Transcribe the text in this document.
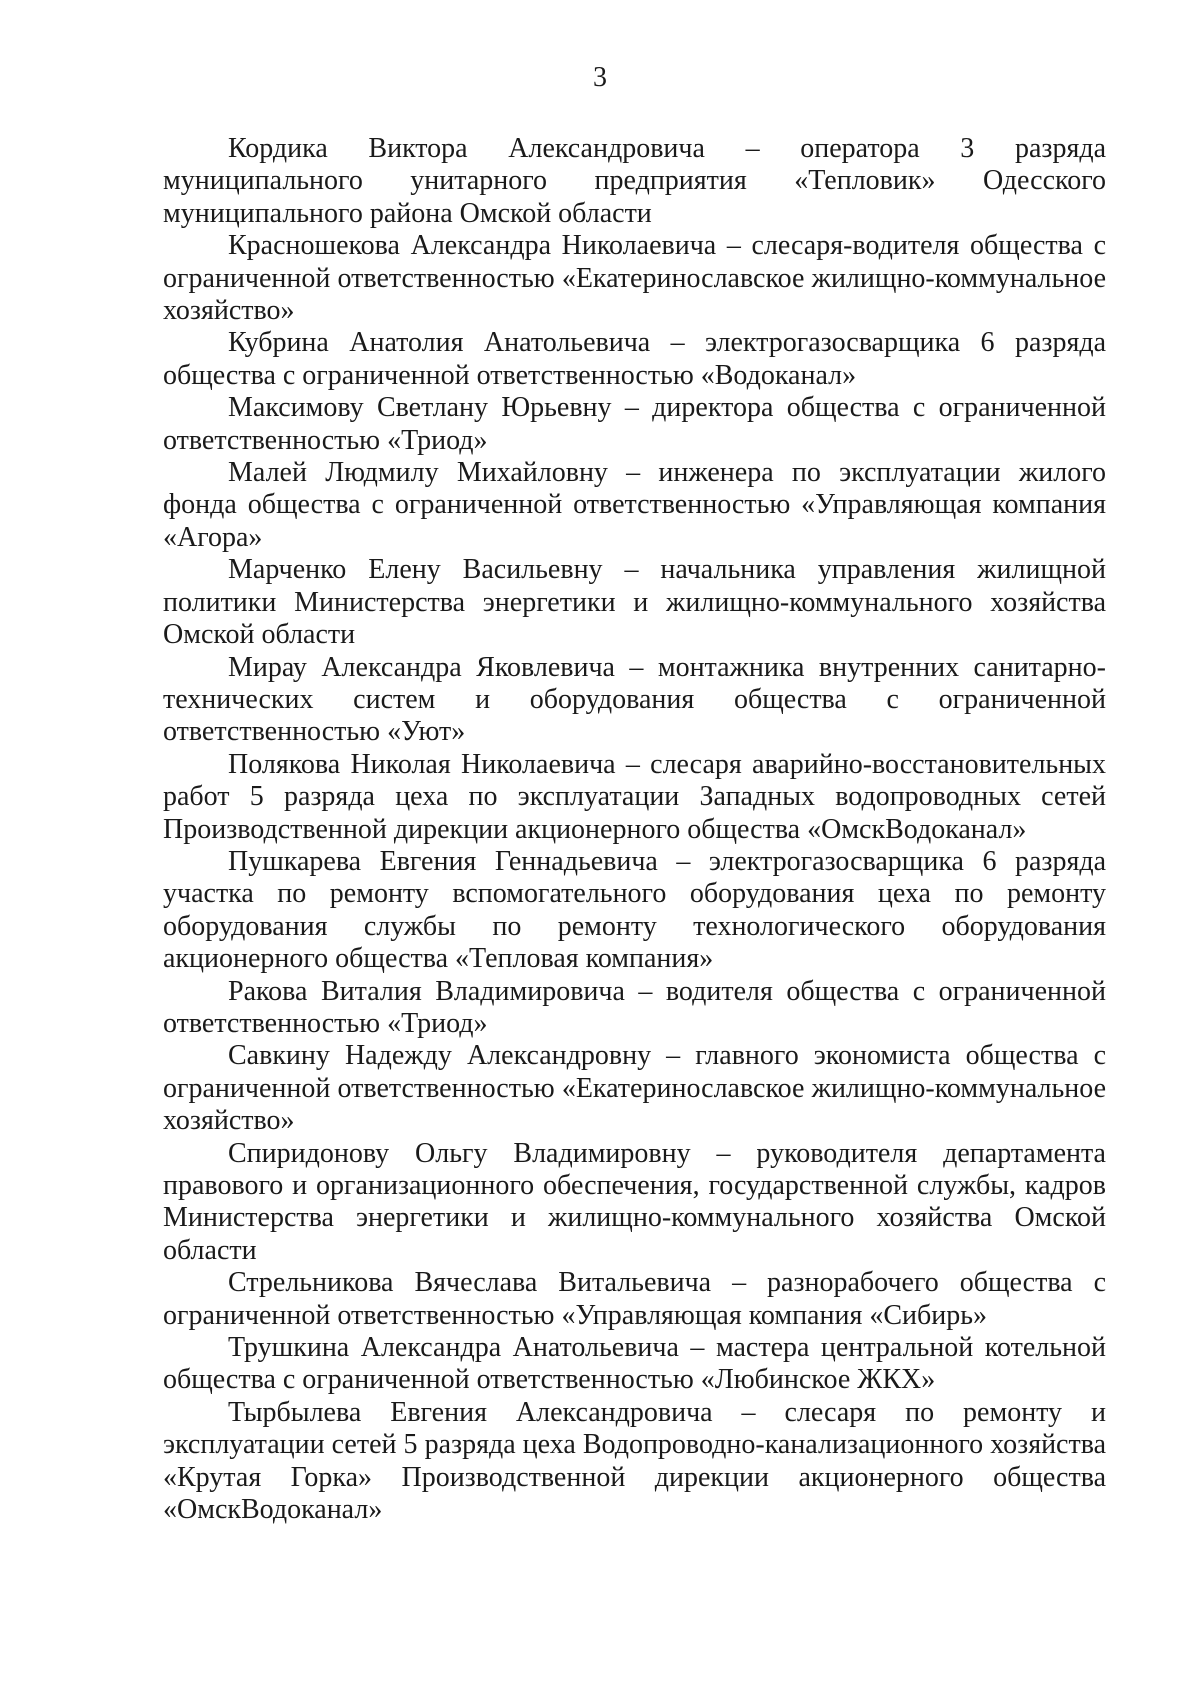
3

Кордика Виктора Александровича – оператора 3 разряда муниципального унитарного предприятия «Тепловик» Одесского муниципального района Омской области

Красношекова Александра Николаевича – слесаря-водителя общества с ограниченной ответственностью «Екатеринославское жилищно-коммунальное хозяйство»

Кубрина Анатолия Анатольевича – электрогазосварщика 6 разряда общества с ограниченной ответственностью «Водоканал»

Максимову Светлану Юрьевну – директора общества с ограниченной ответственностью «Триод»

Малей Людмилу Михайловну – инженера по эксплуатации жилого фонда общества с ограниченной ответственностью «Управляющая компания «Агора»

Марченко Елену Васильевну – начальника управления жилищной политики Министерства энергетики и жилищно-коммунального хозяйства Омской области

Мирау Александра Яковлевича – монтажника внутренних санитарно-технических систем и оборудования общества с ограниченной ответственностью «Уют»

Полякова Николая Николаевича – слесаря аварийно-восстановительных работ 5 разряда цеха по эксплуатации Западных водопроводных сетей Производственной дирекции акционерного общества «ОмскВодоканал»

Пушкарева Евгения Геннадьевича – электрогазосварщика 6 разряда участка по ремонту вспомогательного оборудования цеха по ремонту оборудования службы по ремонту технологического оборудования акционерного общества «Тепловая компания»

Ракова Виталия Владимировича – водителя общества с ограниченной ответственностью «Триод»

Савкину Надежду Александровну – главного экономиста общества с ограниченной ответственностью «Екатеринославское жилищно-коммунальное хозяйство»

Спиридонову Ольгу Владимировну – руководителя департамента правового и организационного обеспечения, государственной службы, кадров Министерства энергетики и жилищно-коммунального хозяйства Омской области

Стрельникова Вячеслава Витальевича – разнорабочего общества с ограниченной ответственностью «Управляющая компания «Сибирь»

Трушкина Александра Анатольевича – мастера центральной котельной общества с ограниченной ответственностью «Любинское ЖКХ»

Тырбылева Евгения Александровича – слесаря по ремонту и эксплуатации сетей 5 разряда цеха Водопроводно-канализационного хозяйства «Крутая Горка» Производственной дирекции акционерного общества «ОмскВодоканал»
